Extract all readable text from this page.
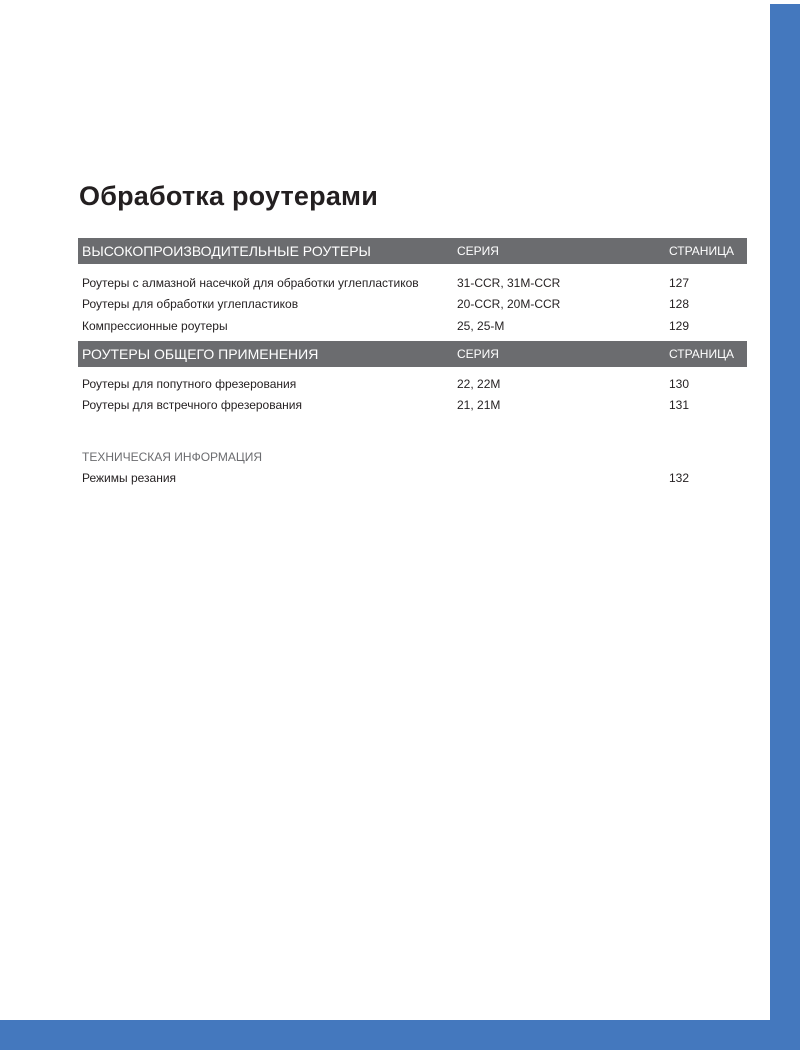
Обработка роутерами
ВЫСОКОПРОИЗВОДИТЕЛЬНЫЕ РОУТЕРЫ	СЕРИЯ	СТРАНИЦА
Роутеры с алмазной насечкой для обработки углепластиков	31-CCR, 31M-CCR	127
Роутеры для обработки углепластиков	20-CCR, 20M-CCR	128
Компрессионные роутеры	25, 25-M	129
РОУТЕРЫ ОБЩЕГО ПРИМЕНЕНИЯ	СЕРИЯ	СТРАНИЦА
Роутеры для попутного фрезерования	22, 22M	130
Роутеры для встречного фрезерования	21, 21M	131
ТЕХНИЧЕСКАЯ ИНФОРМАЦИЯ
Режимы резания	132
